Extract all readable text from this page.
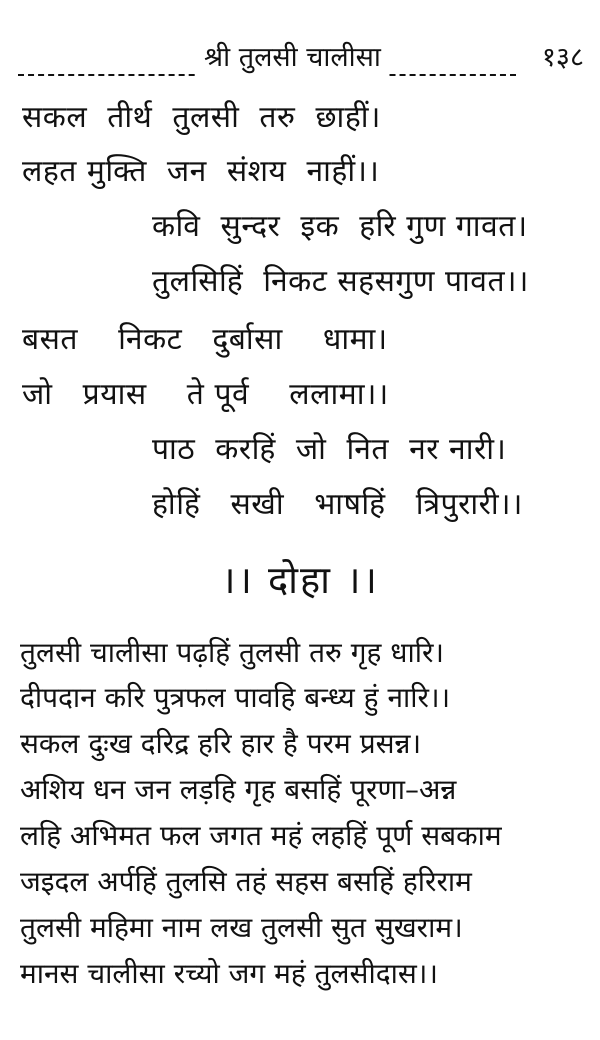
श्री तुलसी चालीसा	१३८
सकल  तीर्थ  तुलसी  तरु  छाहीं।
लहत मुक्ति  जन  संशय  नाहीं।।
कवि  सुन्दर  इक  हरि गुण गावत।
तुलसिहिं  निकट सहसगुण पावत।।
बसत    निकट   दुर्बासा    धामा।
जो   प्रयास    ते पूर्व    ललामा।।
पाठ  करहिं  जो  नित  नर नारी।
होहिं   सखी   भाषहिं   त्रिपुरारी।।
।। दोहा ।।
तुलसी चालीसा पढ़हिं तुलसी तरु गृह धारि।
दीपदान करि पुत्रफल पावहि बन्ध्य हुं नारि।।
सकल दुःख दरिद्र हरि हार है परम प्रसन्न।
अशिय धन जन लड़हि गृह बसहिं पूरणा–अन्न
लहि अभिमत फल जगत महं लहहिं पूर्ण सबकाम
जइदल अर्पहिं तुलसि तहं सहस बसहिं हरिराम
तुलसी महिमा नाम लख तुलसी सुत सुखराम।
मानस चालीसा रच्यो जग महं तुलसीदास।।
